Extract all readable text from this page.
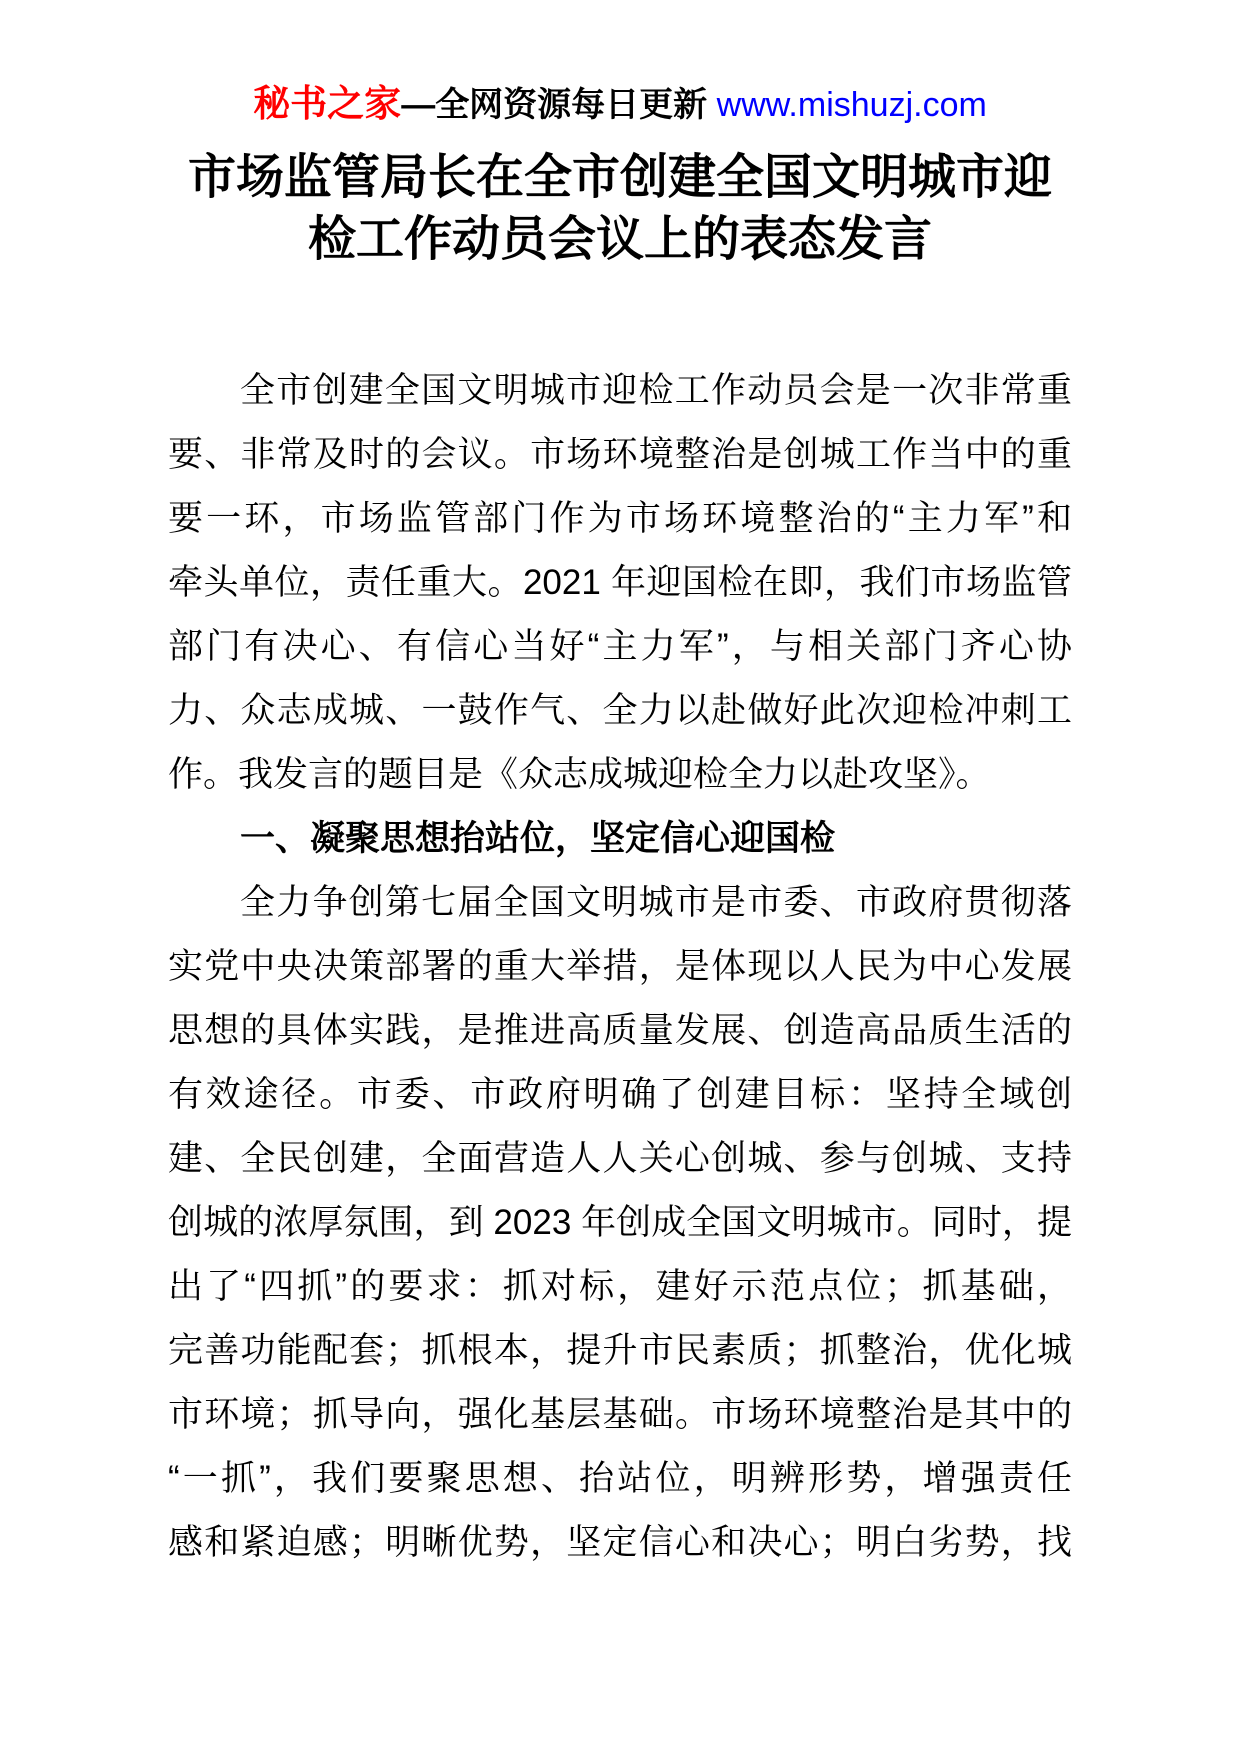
秘书之家—全网资源每日更新 www.mishuzj.com
市场监管局长在全市创建全国文明城市迎
检工作动员会议上的表态发言
全市创建全国文明城市迎检工作动员会是一次非常重
要、非常及时的会议。市场环境整治是创城工作当中的重
要一环，市场监管部门作为市场环境整治的“主力军”和
牵头单位，责任重大。2021 年迎国检在即，我们市场监管
部门有决心、有信心当好“主力军”，与相关部门齐心协
力、众志成城、一鼓作气、全力以赴做好此次迎检冲刺工
作。我发言的题目是《众志成城迎检全力以赴攻坚》。
一、凝聚思想抬站位，坚定信心迎国检
全力争创第七届全国文明城市是市委、市政府贯彻落
实党中央决策部署的重大举措，是体现以人民为中心发展
思想的具体实践，是推进高质量发展、创造高品质生活的
有效途径。市委、市政府明确了创建目标：坚持全域创
建、全民创建，全面营造人人关心创城、参与创城、支持
创城的浓厚氛围，到 2023 年创成全国文明城市。同时，提
出了“四抓”的要求：抓对标，建好示范点位；抓基础，
完善功能配套；抓根本，提升市民素质；抓整治，优化城
市环境；抓导向，强化基层基础。市场环境整治是其中的
“一抓”，我们要聚思想、抬站位，明辨形势，增强责任
感和紧迫感；明晰优势，坚定信心和决心；明白劣势，找
